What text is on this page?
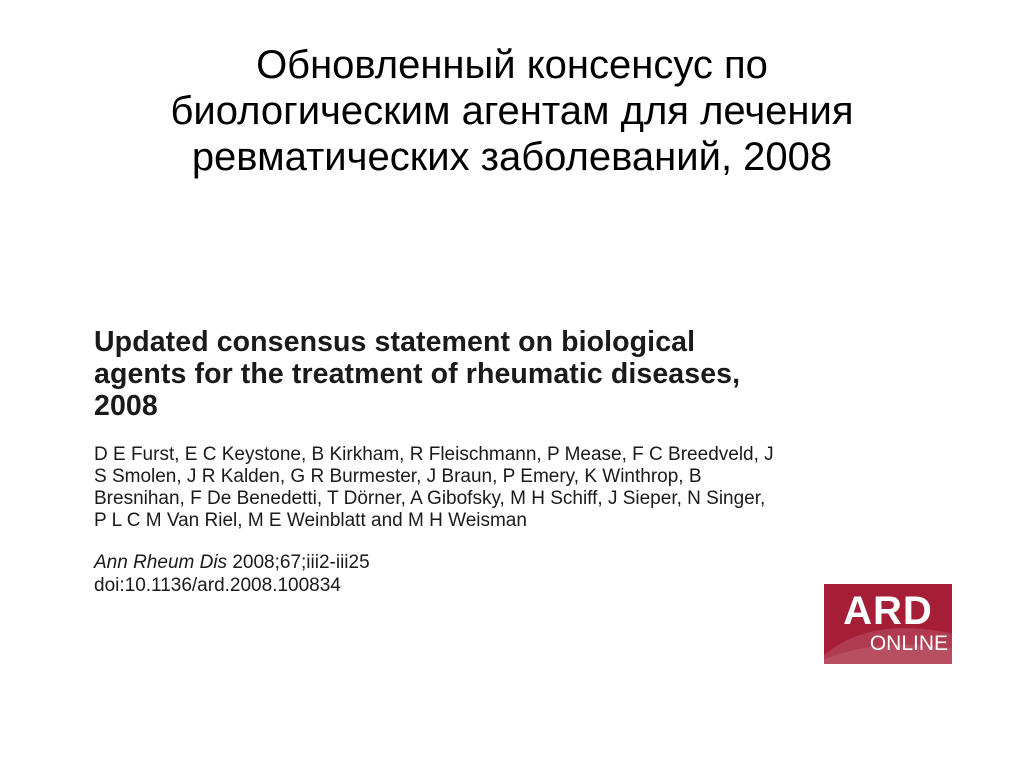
Обновленный консенсус по
биологическим агентам для лечения
ревматических заболеваний, 2008
Updated consensus statement on biological
agents for the treatment of rheumatic diseases,
2008

D E Furst, E C Keystone, B Kirkham, R Fleischmann, P Mease, F C Breedveld, J
S Smolen, J R Kalden, G R Burmester, J Braun, P Emery, K Winthrop, B
Bresnihan, F De Benedetti, T Dörner, A Gibofsky, M H Schiff, J Sieper, N Singer,
P L C M Van Riel, M E Weinblatt and M H Weisman

Ann Rheum Dis 2008;67;iii2-iii25
doi:10.1136/ard.2008.100834
ARD
ONLINE
